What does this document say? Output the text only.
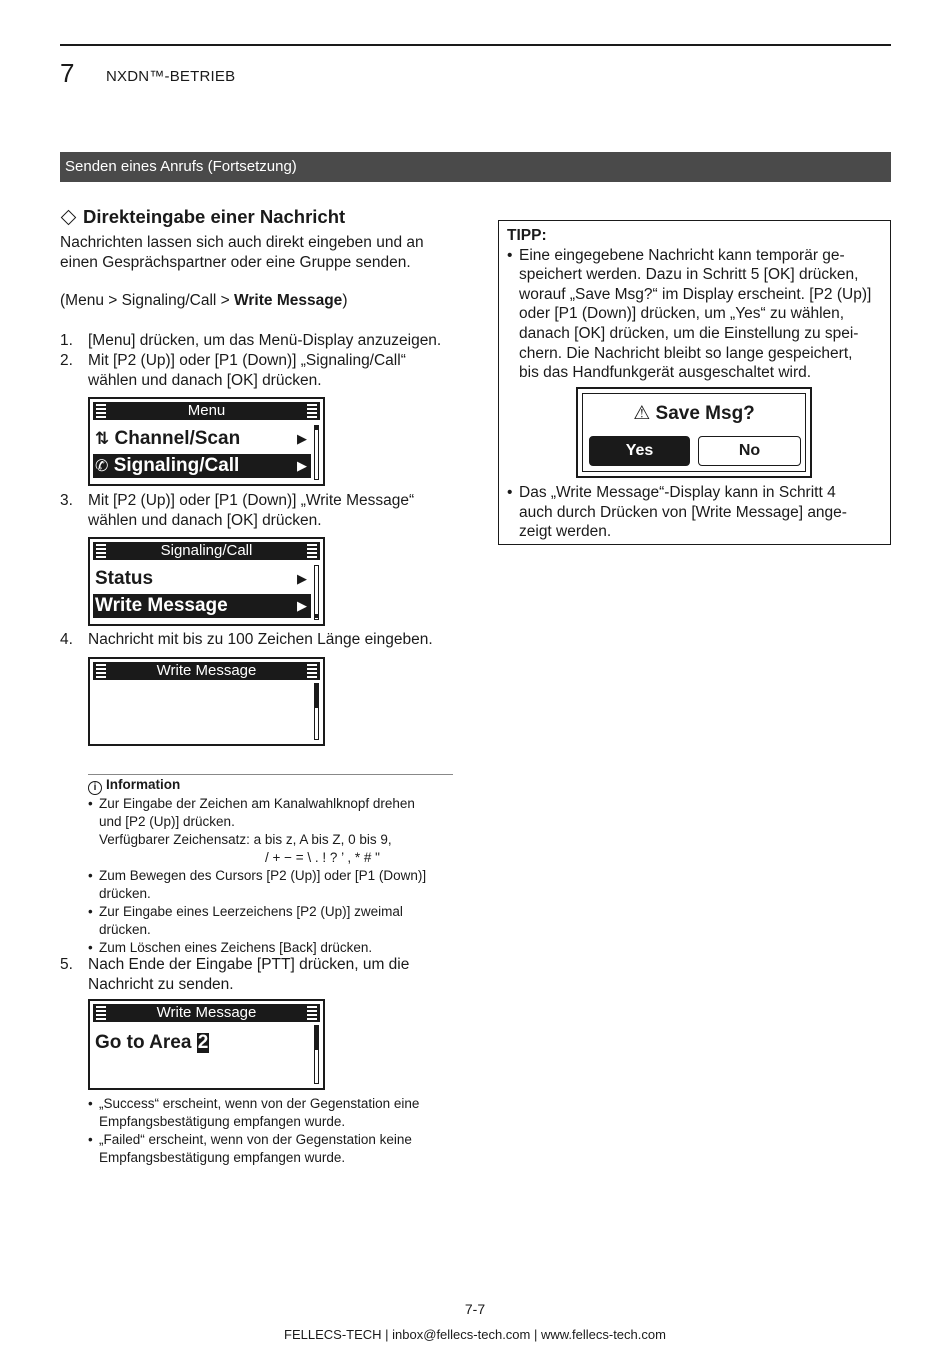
7 NXDN™-BETRIEB
Senden eines Anrufs (Fortsetzung)
Direkteingabe einer Nachricht
Nachrichten lassen sich auch direkt eingeben und an
einen Gesprächspartner oder eine Gruppe senden.
(Menu > Signaling/Call > Write Message)
1. [Menu] drücken, um das Menü-Display anzuzeigen.
2. Mit [P2 (Up)] oder [P1 (Down)] „Signaling/Call“
wählen und danach [OK] drücken.
Menu
⇅ Channel/Scan	▶
✆ Signaling/Call	▶
3. Mit [P2 (Up)] oder [P1 (Down)] „Write Message“
wählen und danach [OK] drücken.
Signaling/Call
Status	▶
Write Message	▶
4. Nachricht mit bis zu 100 Zeichen Länge eingeben.
Write Message
i Information
• Zur Eingabe der Zeichen am Kanalwahlknopf drehen
und [P2 (Up)] drücken.
Verfügbarer Zeichensatz: a bis z, A bis Z, 0 bis 9,
/ + − = \ . ! ? ’ , * # "
• Zum Bewegen des Cursors [P2 (Up)] oder [P1 (Down)]
drücken.
• Zur Eingabe eines Leerzeichens [P2 (Up)] zweimal
drücken.
• Zum Löschen eines Zeichens [Back] drücken.
5. Nach Ende der Eingabe [PTT] drücken, um die
Nachricht zu senden.
Write Message
Go to Area 2
• „Success“ erscheint, wenn von der Gegenstation eine
Empfangsbestätigung empfangen wurde.
• „Failed“ erscheint, wenn von der Gegenstation keine
Empfangsbestätigung empfangen wurde.
TIPP:
• Eine eingegebene Nachricht kann temporär ge-
speichert werden. Dazu in Schritt 5 [OK] drücken,
worauf „Save Msg?“ im Display erscheint. [P2 (Up)]
oder [P1 (Down)] drücken, um „Yes“ zu wählen,
danach [OK] drücken, um die Einstellung zu spei-
chern. Die Nachricht bleibt so lange gespeichert,
bis das Handfunkgerät ausgeschaltet wird.
⚠ Save Msg?
Yes	No
• Das „Write Message“-Display kann in Schritt 4
auch durch Drücken von [Write Message] ange-
zeigt werden.
7-7
FELLECS-TECH | inbox@fellecs-tech.com | www.fellecs-tech.com
